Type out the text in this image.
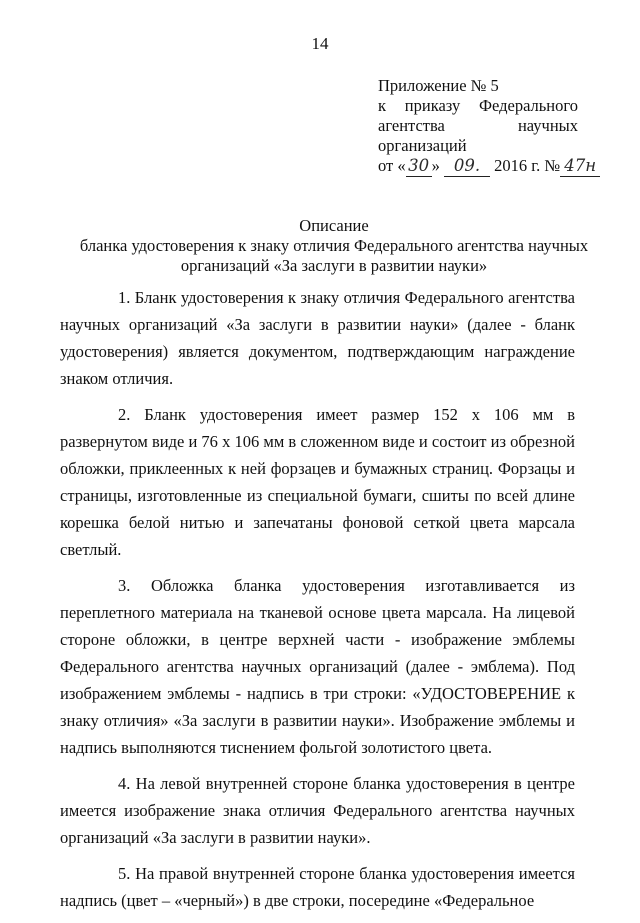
14
Приложение № 5
к приказу Федерального
агентства	научных
организаций
от « 30 » 09. 2016 г. № 47н
Описание
бланка удостоверения к знаку отличия Федерального агентства научных
организаций «За заслуги в развитии науки»

1. Бланк удостоверения к знаку отличия Федерального агентства научных организаций «За заслуги в развитии науки» (далее - бланк удостоверения) является документом, подтверждающим награждение знаком отличия.

2. Бланк удостоверения имеет размер 152 х 106 мм в развернутом виде и 76 х 106 мм в сложенном виде и состоит из обрезной обложки, приклеенных к ней форзацев и бумажных страниц. Форзацы и страницы, изготовленные из специальной бумаги, сшиты по всей длине корешка белой нитью и запечатаны фоновой сеткой цвета марсала светлый.

3. Обложка бланка удостоверения изготавливается из переплетного материала на тканевой основе цвета марсала. На лицевой стороне обложки, в центре верхней части - изображение эмблемы Федерального агентства научных организаций (далее - эмблема). Под изображением эмблемы - надпись в три строки: «УДОСТОВЕРЕНИЕ к знаку отличия» «За заслуги в развитии науки». Изображение эмблемы и надпись выполняются тиснением фольгой золотистого цвета.

4. На левой внутренней стороне бланка удостоверения в центре имеется изображение знака отличия Федерального агентства научных организаций «За заслуги в развитии науки».

5. На правой внутренней стороне бланка удостоверения имеется надпись (цвет – «черный») в две строки, посередине «Федеральное
